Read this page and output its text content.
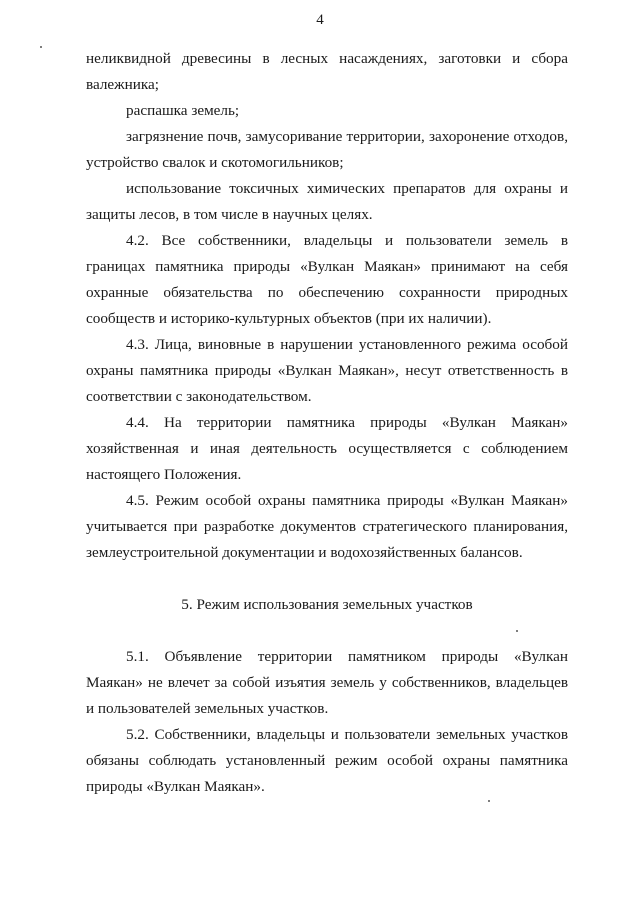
4

неликвидной древесины в лесных насаждениях, заготовки и сбора валежника;

распашка земель;

загрязнение почв, замусоривание территории, захоронение отходов, устройство свалок и скотомогильников;

использование токсичных химических препаратов для охраны и защиты лесов, в том числе в научных целях.

4.2. Все собственники, владельцы и пользователи земель в границах памятника природы «Вулкан Маякан» принимают на себя охранные обязательства по обеспечению сохранности природных сообществ и историко-культурных объектов (при их наличии).

4.3. Лица, виновные в нарушении установленного режима особой охраны памятника природы «Вулкан Маякан», несут ответственность в соответствии с законодательством.

4.4. На территории памятника природы «Вулкан Маякан» хозяйственная и иная деятельность осуществляется с соблюдением настоящего Положения.

4.5. Режим особой охраны памятника природы «Вулкан Маякан» учитывается при разработке документов стратегического планирования, землеустроительной документации и водохозяйственных балансов.

5. Режим использования земельных участков

5.1. Объявление территории памятником природы «Вулкан Маякан» не влечет за собой изъятия земель у собственников, владельцев и пользователей земельных участков.

5.2. Собственники, владельцы и пользователи земельных участков обязаны соблюдать установленный режим особой охраны памятника природы «Вулкан Маякан».
